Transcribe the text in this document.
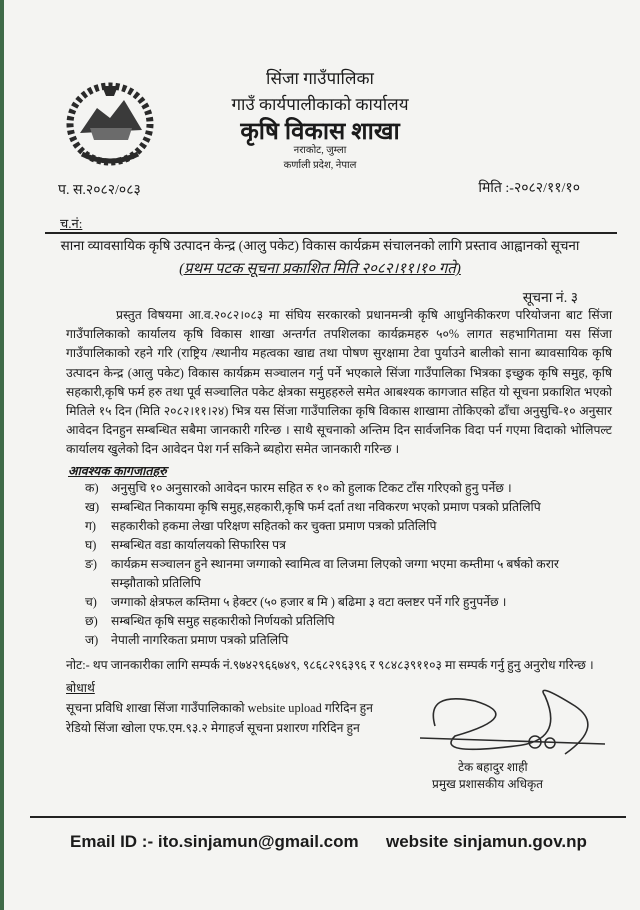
सिंजा गाउँपालिका
गाउँ कार्यपालीकाको कार्यालय
कृषि विकास शाखा
नराकोट, जुम्ला
कर्णाली प्रदेश, नेपाल
प. स.२०८२/०८३	मिति :-२०८२/११/१०
च.नं:
साना व्यावसायिक कृषि उत्पादन केन्द्र (आलु पकेट) विकास कार्यक्रम संचालनको लागि प्रस्ताव आह्वानको सूचना
(प्रथम पटक सूचना प्रकाशित मिति २०८२।११।१० गते)
सूचना नं. ३
प्रस्तुत विषयमा आ.व.२०८२।०८३ मा संघिय सरकारको प्रधानमन्त्री कृषि आधुनिकीकरण परियोजना बाट सिंजा गाउँपालिकाको कार्यालय कृषि विकास शाखा अन्तर्गत तपशिलका कार्यक्रमहरु ५०% लागत सहभागितामा यस सिंजा गाउँपालिकाको रहने गरि (राष्ट्रिय /स्थानीय महत्वका खाद्य तथा पोषण सुरक्षामा टेवा पुर्याउने बालीको साना ब्यावसायिक कृषि उत्पादन केन्द्र (आलु पकेट) विकास कार्यक्रम सञ्चालन गर्नु पर्ने भएकाले सिंजा गाउँपालिका भित्रका इच्छुक कृषि समुह, कृषि सहकारी,कृषि फर्म हरु तथा पूर्व सञ्चालित पकेट क्षेत्रका समुहहरुले समेत आबश्यक कागजात सहित यो सूचना प्रकाशित भएको मितिले १५ दिन (मिति २०८२।११।२४) भित्र यस सिंजा गाउँपालिका कृषि विकास शाखामा तोकिएको ढाँचा अनुसुचि-१० अनुसार आवेदन दिनहुन सम्बन्धित सबैमा जानकारी गरिन्छ । साथै सूचनाको अन्तिम दिन सार्वजनिक विदा पर्न गएमा विदाको भोलिपल्ट कार्यालय खुलेको दिन आवेदन पेश गर्न सकिने ब्यहोरा समेत जानकारी गरिन्छ ।
आवश्यक कागजातहरु
क)	अनुसुचि १० अनुसारको आवेदन फारम सहित रु १० को हुलाक टिकट टाँस गरिएको हुनु पर्नेछ ।
ख) सम्बन्धित निकायमा कृषि समुह,सहकारी,कृषि फर्म दर्ता तथा नविकरण भएको प्रमाण पत्रको प्रतिलिपि
ग)	सहकारीको हकमा लेखा परिक्षण सहितको कर चुक्ता प्रमाण पत्रको प्रतिलिपि
घ)	सम्बन्धित वडा कार्यालयको सिफारिस पत्र
ङ)	कार्यक्रम सञ्चालन हुने स्थानमा जग्गाको स्वामित्व वा लिजमा लिएको जग्गा भएमा कम्तीमा ५ बर्षको करार सम्झौताको प्रतिलिपि
च)	जग्गाको क्षेत्रफल कम्तिमा ५ हेक्टर (५० हजार ब मि ) बढिमा ३ वटा क्लष्टर पर्ने गरि हुनुपर्नेछ ।
छ)	सम्बन्धित कृषि समुह सहकारीको निर्णयको प्रतिलिपि
ज)	नेपाली नागरिकता प्रमाण पत्रको प्रतिलिपि
नोट:- थप जानकारीका लागि सम्पर्क नं.९७४२९६६७४९, ९८६८२९६३९६ र ९८४८३९११०३ मा सम्पर्क गर्नु हुनु अनुरोध गरिन्छ ।
बोधार्थ
सूचना प्रविधि शाखा सिंजा गाउँपालिकाको website upload गरिदिन हुन
रेडियो सिंजा खोला एफ.एम.९३.२ मेगाहर्ज सूचना प्रशारण गरिदिन हुन
टेक बहादुर शाही
प्रमुख प्रशासकीय अधिकृत
Email ID :- ito.sinjamun@gmail.com website sinjamun.gov.np
